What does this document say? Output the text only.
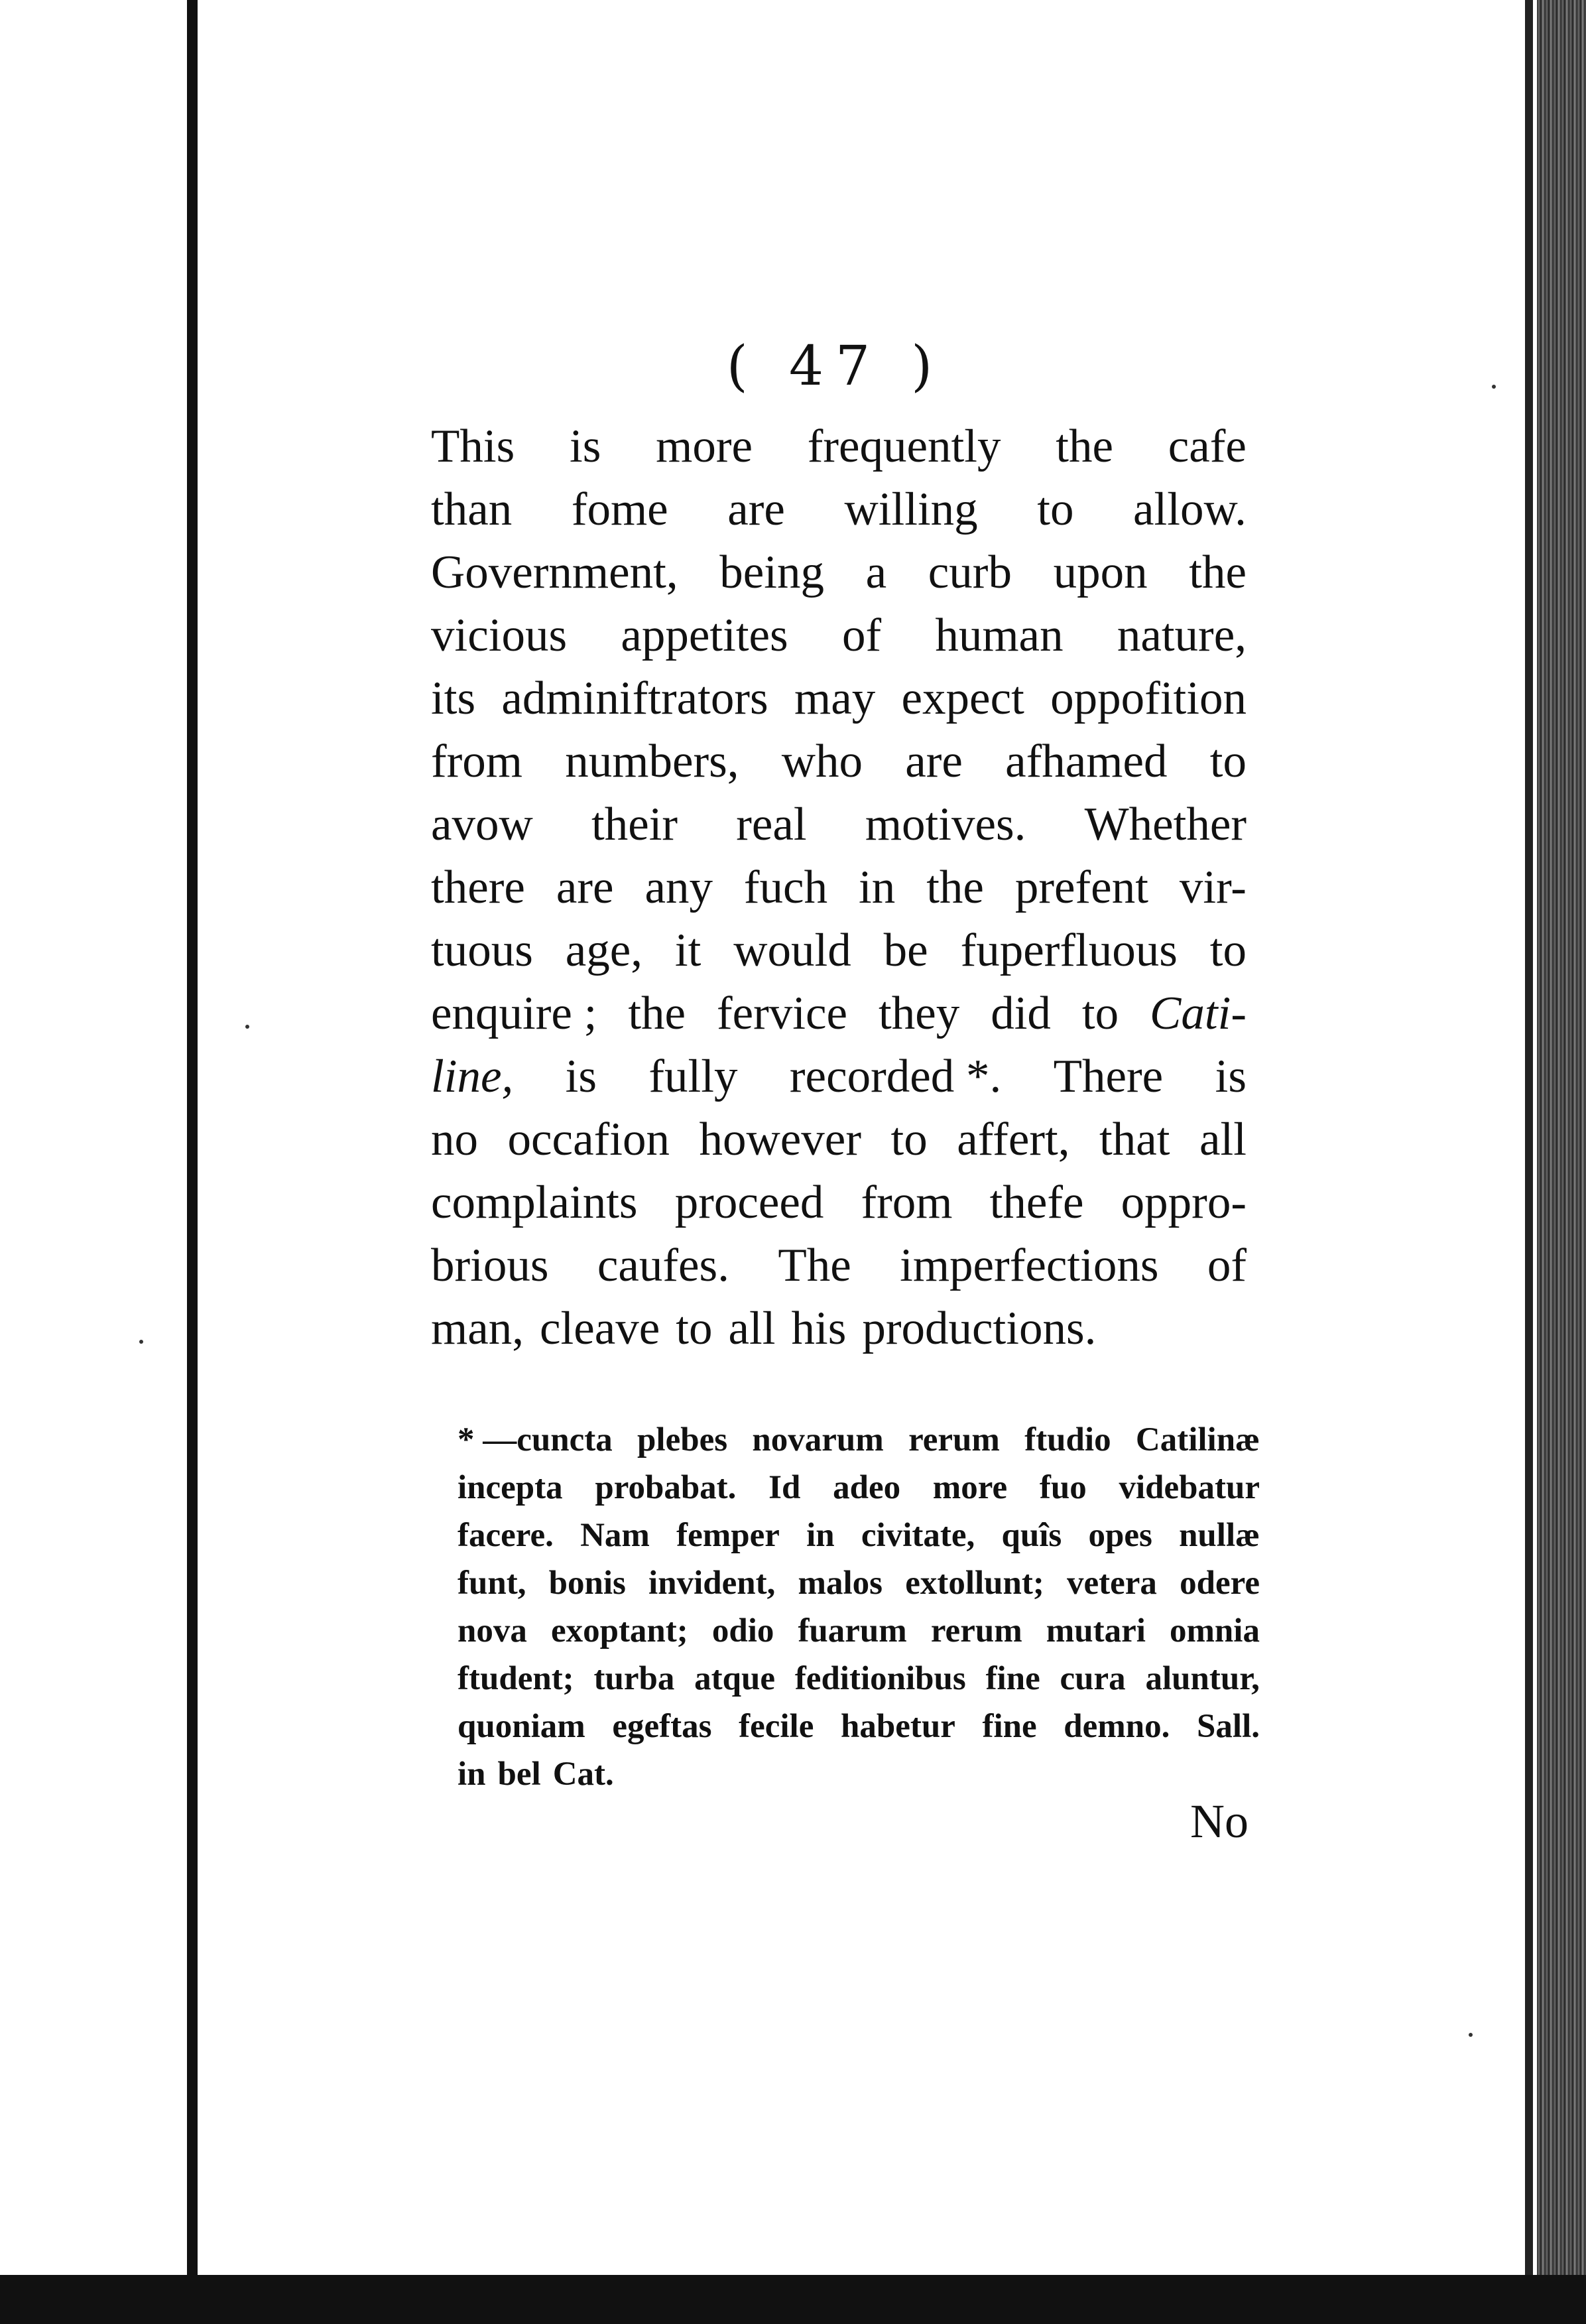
( 47 )
This is more frequently the cafe
than fome are willing to allow.
Government, being a curb upon the
vicious appetites of human nature,
its adminiftrators may expect oppofition
from numbers, who are afhamed to
avow their real motives. Whether
there are any fuch in the prefent vir-
tuous age, it would be fuperfluous to
enquire ; the fervice they did to Cati-
line, is fully recorded *. There is
no occafion however to affert, that all
complaints proceed from thefe oppro-
brious caufes. The imperfections of
man, cleave to all his productions.
* —cuncta plebes novarum rerum ftudio Catilinæ
incepta probabat. Id adeo more fuo videbatur
facere. Nam femper in civitate, quîs opes nullæ
funt, bonis invident, malos extollunt; vetera odere
nova exoptant; odio fuarum rerum mutari omnia
ftudent; turba atque feditionibus fine cura aluntur,
quoniam egeftas fecile habetur fine demno. Sall.
in bel Cat.
No
